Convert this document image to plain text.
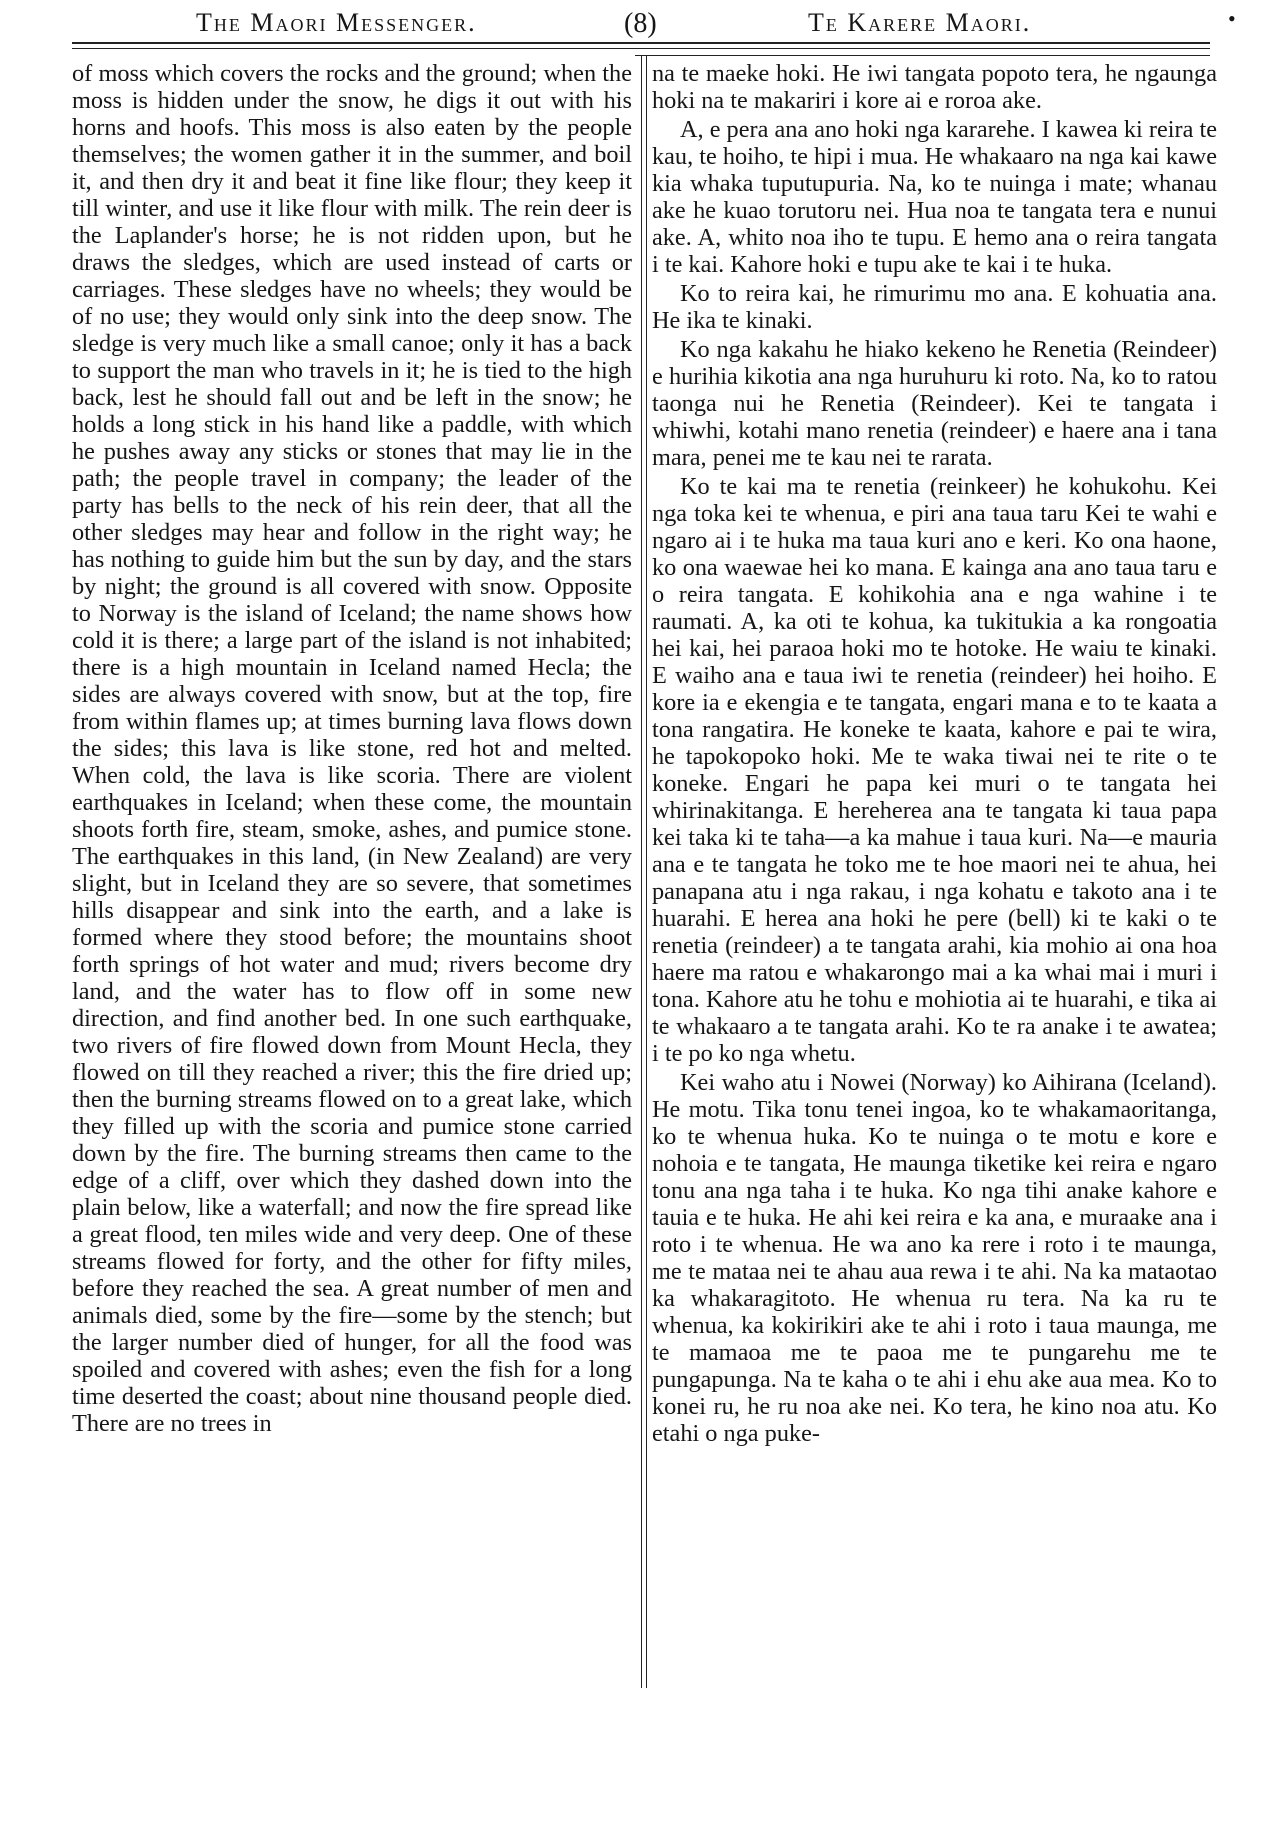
The Maori Messenger.	(8)	Te Karere Maori.	•

of moss which covers the rocks and the ground; when the moss is hidden under the snow, he digs it out with his horns and hoofs. This moss is also eaten by the people themselves; the women gather it in the summer, and boil it, and then dry it and beat it fine like flour; they keep it till winter, and use it like flour with milk. The rein deer is the Laplander's horse; he is not ridden upon, but he draws the sledges, which are used instead of carts or carriages. These sledges have no wheels; they would be of no use; they would only sink into the deep snow. The sledge is very much like a small canoe; only it has a back to support the man who travels in it; he is tied to the high back, lest he should fall out and be left in the snow; he holds a long stick in his hand like a paddle, with which he pushes away any sticks or stones that may lie in the path; the people travel in company; the leader of the party has bells to the neck of his rein deer, that all the other sledges may hear and follow in the right way; he has nothing to guide him but the sun by day, and the stars by night; the ground is all covered with snow. Opposite to Norway is the island of Iceland; the name shows how cold it is there; a large part of the island is not inhabited; there is a high mountain in Iceland named Hecla; the sides are always covered with snow, but at the top, fire from within flames up; at times burning lava flows down the sides; this lava is like stone, red hot and melted. When cold, the lava is like scoria. There are violent earthquakes in Iceland; when these come, the mountain shoots forth fire, steam, smoke, ashes, and pumice stone. The earthquakes in this land, (in New Zealand) are very slight, but in Iceland they are so severe, that sometimes hills disappear and sink into the earth, and a lake is formed where they stood before; the mountains shoot forth springs of hot water and mud; rivers become dry land, and the water has to flow off in some new direction, and find another bed. In one such earthquake, two rivers of fire flowed down from Mount Hecla, they flowed on till they reached a river; this the fire dried up; then the burning streams flowed on to a great lake, which they filled up with the scoria and pumice stone carried down by the fire. The burning streams then came to the edge of a cliff, over which they dashed down into the plain below, like a waterfall; and now the fire spread like a great flood, ten miles wide and very deep. One of these streams flowed for forty, and the other for fifty miles, before they reached the sea. A great number of men and animals died, some by the fire—some by the stench; but the larger number died of hunger, for all the food was spoiled and covered with ashes; even the fish for a long time deserted the coast; about nine thousand people died. There are no trees in

na te maeke hoki. He iwi tangata popoto tera, he ngaunga hoki na te makariri i kore ai e roroa ake.

A, e pera ana ano hoki nga kararehe. I kawea ki reira te kau, te hoiho, te hipi i mua. He whakaaro na nga kai kawe kia whaka tuputupuria. Na, ko te nuinga i mate; whanau ake he kuao torutoru nei. Hua noa te tangata tera e nunui ake. A, whito noa iho te tupu. E hemo ana o reira tangata i te kai. Kahore hoki e tupu ake te kai i te huka.

Ko to reira kai, he rimurimu mo ana. E kohuatia ana. He ika te kinaki.

Ko nga kakahu he hiako kekeno he Renetia (Reindeer) e hurihia kikotia ana nga huruhuru ki roto. Na, ko to ratou taonga nui he Renetia (Reindeer). Kei te tangata i whiwhi, kotahi mano renetia (reindeer) e haere ana i tana mara, penei me te kau nei te rarata.

Ko te kai ma te renetia (reinkeer) he kohukohu. Kei nga toka kei te whenua, e piri ana taua taru Kei te wahi e ngaro ai i te huka ma taua kuri ano e keri. Ko ona haone, ko ona waewae hei ko mana. E kainga ana ano taua taru e o reira tangata. E kohikohia ana e nga wahine i te raumati. A, ka oti te kohua, ka tukitukia a ka rongoatia hei kai, hei paraoa hoki mo te hotoke. He waiu te kinaki. E waiho ana e taua iwi te renetia (reindeer) hei hoiho. E kore ia e ekengia e te tangata, engari mana e to te kaata a tona rangatira. He koneke te kaata, kahore e pai te wira, he tapokopoko hoki. Me te waka tiwai nei te rite o te koneke. Engari he papa kei muri o te tangata hei whirinakitanga. E hereherea ana te tangata ki taua papa kei taka ki te taha—a ka mahue i taua kuri. Na—e mauria ana e te tangata he toko me te hoe maori nei te ahua, hei panapana atu i nga rakau, i nga kohatu e takoto ana i te huarahi. E herea ana hoki he pere (bell) ki te kaki o te renetia (reindeer) a te tangata arahi, kia mohio ai ona hoa haere ma ratou e whakarongo mai a ka whai mai i muri i tona. Kahore atu he tohu e mohiotia ai te huarahi, e tika ai te whakaaro a te tangata arahi. Ko te ra anake i te awatea; i te po ko nga whetu.

Kei waho atu i Nowei (Norway) ko Aihirana (Iceland). He motu. Tika tonu tenei ingoa, ko te whakamaoritanga, ko te whenua huka. Ko te nuinga o te motu e kore e nohoia e te tangata, He maunga tiketike kei reira e ngaro tonu ana nga taha i te huka. Ko nga tihi anake kahore e tauia e te huka. He ahi kei reira e ka ana, e muraake ana i roto i te whenua. He wa ano ka rere i roto i te maunga, me te mataa nei te ahau aua rewa i te ahi. Na ka mataotao ka whakaragitoto. He whenua ru tera. Na ka ru te whenua, ka kokirikiri ake te ahi i roto i taua maunga, me te mamaoa me te paoa me te pungarehu me te pungapunga. Na te kaha o te ahi i ehu ake aua mea. Ko to konei ru, he ru noa ake nei. Ko tera, he kino noa atu. Ko etahi o nga puke-
